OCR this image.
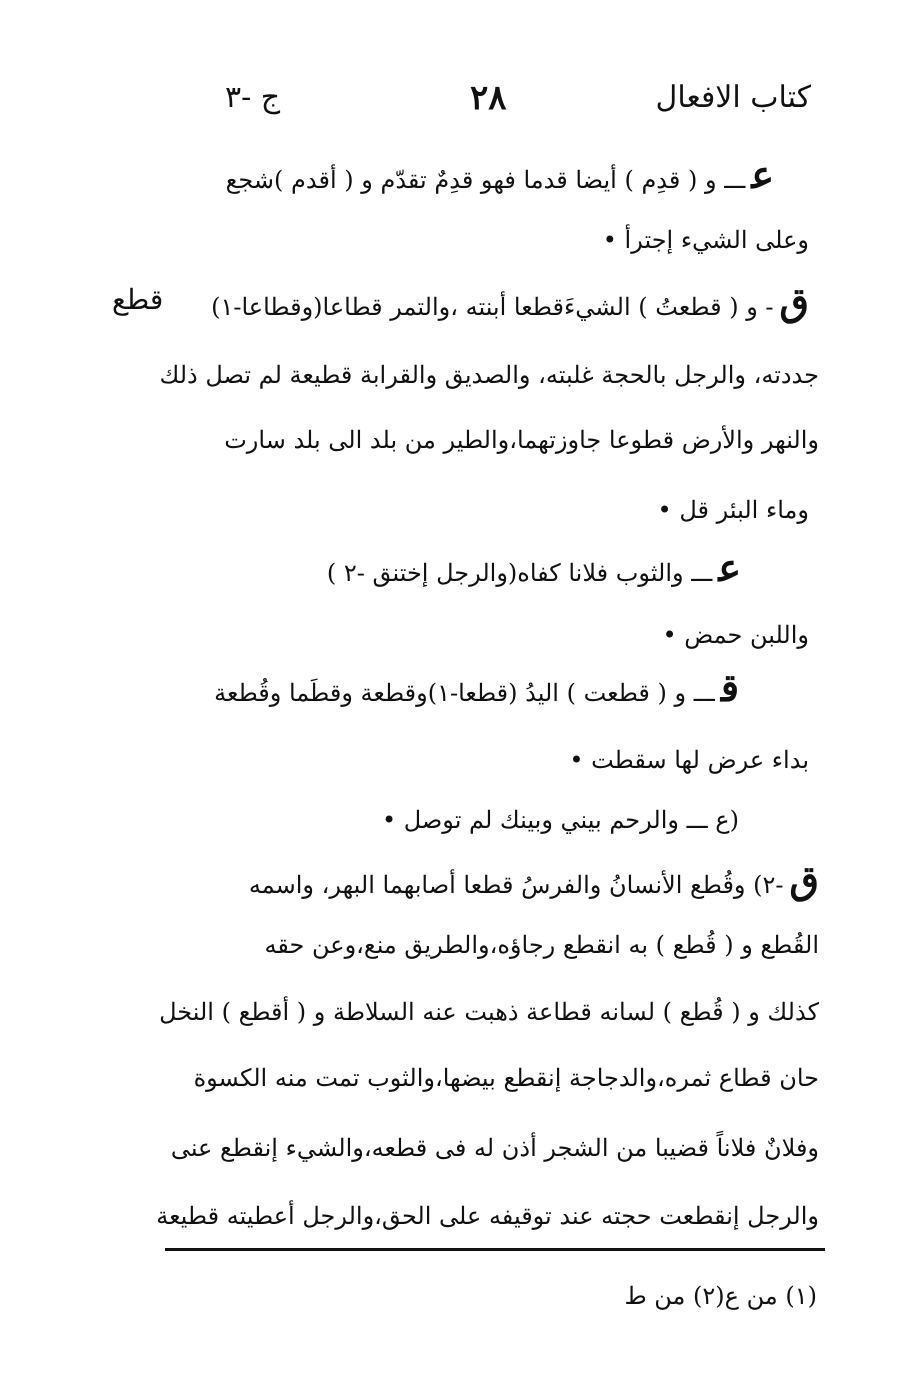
كتاب الافعال
٢٨
ج -٣
قطع
عـــ و ( قدِم ) أيضا قدما فهو قدِمٌ تقدّم و ( أقدم )شجع
وعلى الشيء إجترأ •
ق- و ( قطعتُ ) الشيءَقطعا أبنته ،والتمر قطاعا(وقطاعا-١)
جددته، والرجل بالحجة غلبته، والصديق والقرابة قطيعة لم تصل ذلك
والنهر والأرض قطوعا جاوزتهما،والطير من بلد الى بلد سارت
وماء البئر قل •
عـــ والثوب فلانا كفاه(والرجل إختنق -٢ )
واللبن حمض •
قـــ و ( قطعت ) اليدُ (قطعا-١)وقطعة وقطَما وقُطعة
بداء عرض لها سقطت •
(ع ـــ والرحم بيني وبينك لم توصل •
ق-٢) وقُطع الأنسانُ والفرسُ قطعا أصابهما البهر، واسمه
القُطع و ( قُطع ) به انقطع رجاؤه،والطريق منع،وعن حقه
كذلك و ( قُطع ) لسانه قطاعة ذهبت عنه السلاطة و ( أقطع ) النخل
حان قطاع ثمره،والدجاجة إنقطع بيضها،والثوب تمت منه الكسوة
وفلانٌ فلاناً قضيبا من الشجر أذن له فى قطعه،والشيء إنقطع عنى
والرجل إنقطعت حجته عند توقيفه على الحق،والرجل أعطيته قطيعة
(١) من ع(٢) من ط
